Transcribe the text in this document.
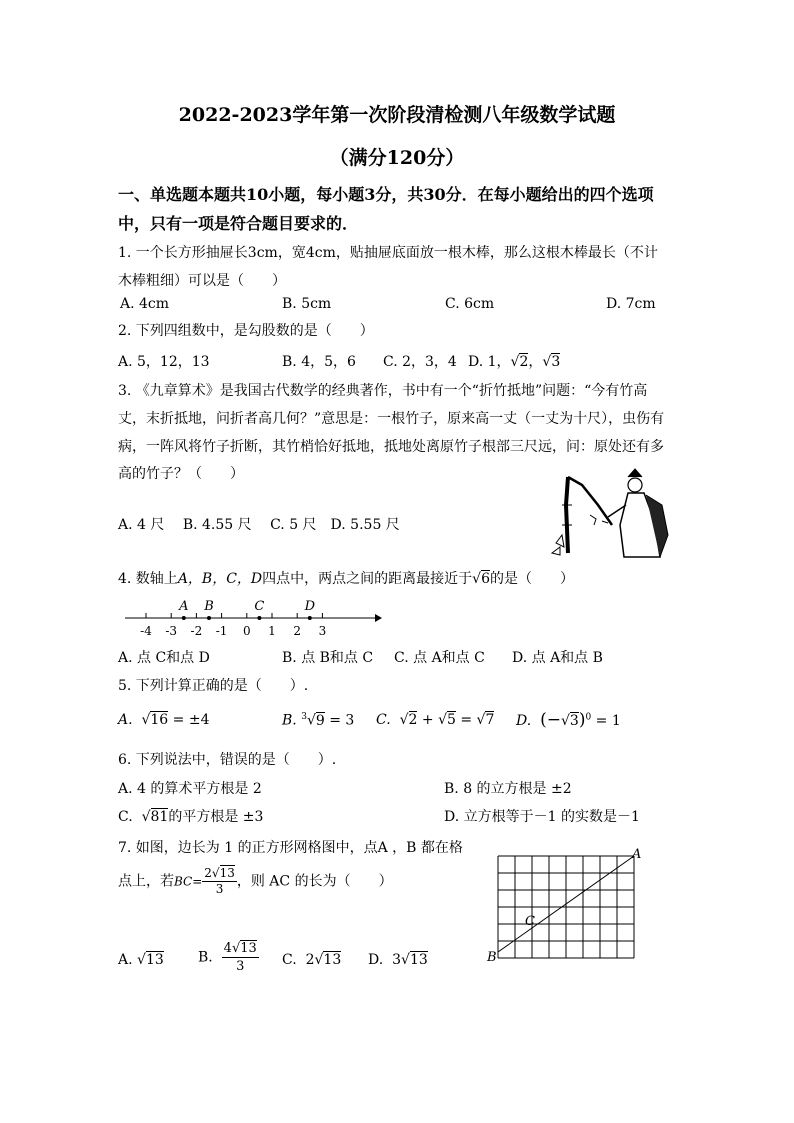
2022-2023学年第一次阶段清检测八年级数学试题
（满分120分）
一、单选题本题共10小题，每小题3分，共30分．在每小题给出的四个选项
中，只有一项是符合题目要求的．
1. 一个长方形抽屉长3cm，宽4cm，贴抽屉底面放一根木棒，那么这根木棒最长（不计
木棒粗细）可以是（　　）
A. 4cm	B. 5cm	C. 6cm	D. 7cm
2. 下列四组数中，是勾股数的是（　　）
A. 5，12，13	B. 4，5，6 C. 2，3，4 D. 1，√2，√3
3. 《九章算术》是我国古代数学的经典著作，书中有一个“折竹抵地”问题：“今有竹高
丈，末折抵地，问折者高几何？”意思是：一根竹子，原来高一丈（一丈为十尺），虫伤有
病，一阵风将竹子折断，其竹梢恰好抵地，抵地处离原竹子根部三尺远，问：原处还有多
高的竹子？（　　）
A. 4 尺　 B. 4.55 尺　 C. 5 尺　D. 5.55 尺
4. 数轴上A，B，C，D四点中，两点之间的距离最接近于√6的是（　　）
-4 -3 -2 -1 0 1 2 3
A B	C	D
A. 点 C和点 D	B. 点 B和点 C C. 点 A和点 C D. 点 A和点 B
5. 下列计算正确的是（　　）.
A. √16 = ±4	B. $^3$√9 = 3 C. √2 + √5 = √7 D. $(-√3)^0 = 1$
6. 下列说法中，错误的是（　　）.
A. 4 的算术平方根是 2	B. 8 的立方根是 ±2
C. √81的平方根是 ±3	D. 立方根等于－1 的实数是－1
7. 如图，边长为 1 的正方形网格图中，点A ，B 都在格
点上，若$BC= \frac{2√13}{3}$ ，则 AC 的长为（　　）
A. √13 B. $\frac{4√13}{3} C$. 2√13 D. 3√13
A
B
C
